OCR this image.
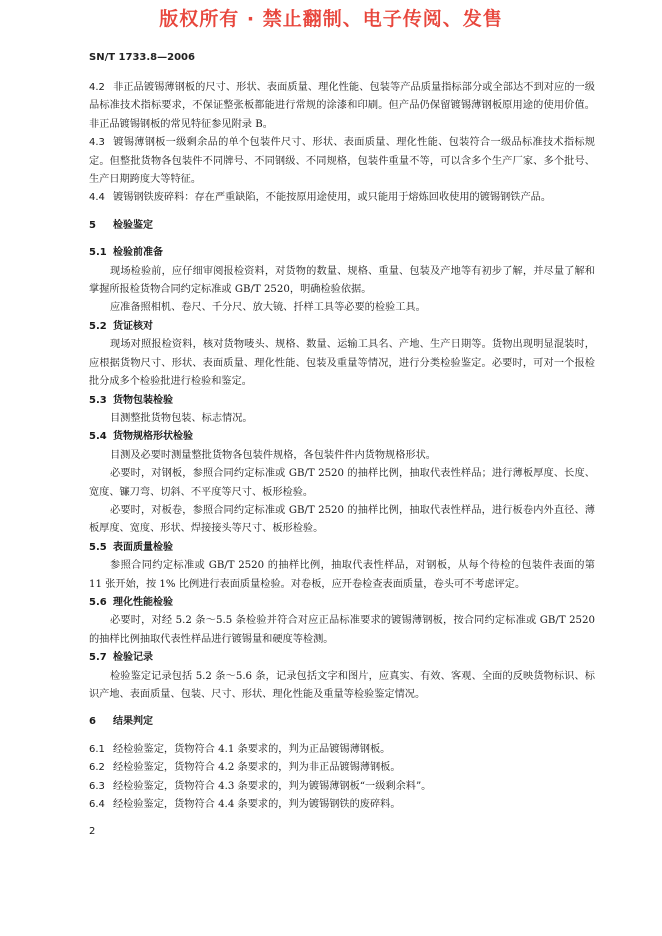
版权所有 · 禁止翻制、电子传阅、发售
SN/T 1733.8—2006

4.2 非正品镀锡薄钢板的尺寸、形状、表面质量、理化性能、包装等产品质量指标部分或全部达不到对应的一级品标准技术指标要求，不保证整张板都能进行常规的涂漆和印刷。但产品仍保留镀锡薄钢板原用途的使用价值。非正品镀锡钢板的常见特征参见附录 B。

4.3 镀锡薄钢板一级剩余品的单个包装件尺寸、形状、表面质量、理化性能、包装符合一级品标准技术指标规定。但整批货物各包装件不同牌号、不同钢级、不同规格，包装件重量不等，可以含多个生产厂家、多个批号、生产日期跨度大等特征。

4.4 镀锡钢铁废碎料：存在严重缺陷，不能按原用途使用，或只能用于熔炼回收使用的镀锡钢铁产品。

5 检验鉴定

5.1 检验前准备

现场检验前，应仔细审阅报检资料，对货物的数量、规格、重量、包装及产地等有初步了解，并尽量了解和掌握所报检货物合同约定标准或 GB/T 2520，明确检验依据。

应准备照相机、卷尺、千分尺、放大镜、扦样工具等必要的检验工具。

5.2 货证核对

现场对照报检资料，核对货物唛头、规格、数量、运输工具名、产地、生产日期等。货物出现明显混装时，应根据货物尺寸、形状、表面质量、理化性能、包装及重量等情况，进行分类检验鉴定。必要时，可对一个报检批分成多个检验批进行检验和鉴定。

5.3 货物包装检验

目测整批货物包装、标志情况。

5.4 货物规格形状检验

目测及必要时测量整批货物各包装件规格，各包装件件内货物规格形状。

必要时，对钢板，参照合同约定标准或 GB/T 2520 的抽样比例，抽取代表性样品；进行薄板厚度、长度、宽度、镰刀弯、切斜、不平度等尺寸、板形检验。

必要时，对板卷，参照合同约定标准或 GB/T 2520 的抽样比例，抽取代表性样品，进行板卷内外直径、薄板厚度、宽度、形状、焊接接头等尺寸、板形检验。

5.5 表面质量检验

参照合同约定标准或 GB/T 2520 的抽样比例，抽取代表性样品，对钢板，从每个待检的包装件表面的第 11 张开始，按 1% 比例进行表面质量检验。对卷板，应开卷检查表面质量，卷头可不考虑评定。

5.6 理化性能检验

必要时，对经 5.2 条～5.5 条检验并符合对应正品标准要求的镀锡薄钢板，按合同约定标准或 GB/T 2520 的抽样比例抽取代表性样品进行镀锡量和硬度等检测。

5.7 检验记录

检验鉴定记录包括 5.2 条～5.6 条，记录包括文字和图片，应真实、有效、客观、全面的反映货物标识、标识产地、表面质量、包装、尺寸、形状、理化性能及重量等检验鉴定情况。

6 结果判定

6.1 经检验鉴定，货物符合 4.1 条要求的，判为正品镀锡薄钢板。

6.2 经检验鉴定，货物符合 4.2 条要求的，判为非正品镀锡薄钢板。

6.3 经检验鉴定，货物符合 4.3 条要求的，判为镀锡薄钢板“一级剩余料”。

6.4 经检验鉴定，货物符合 4.4 条要求的，判为镀锡钢铁的废碎料。

2
